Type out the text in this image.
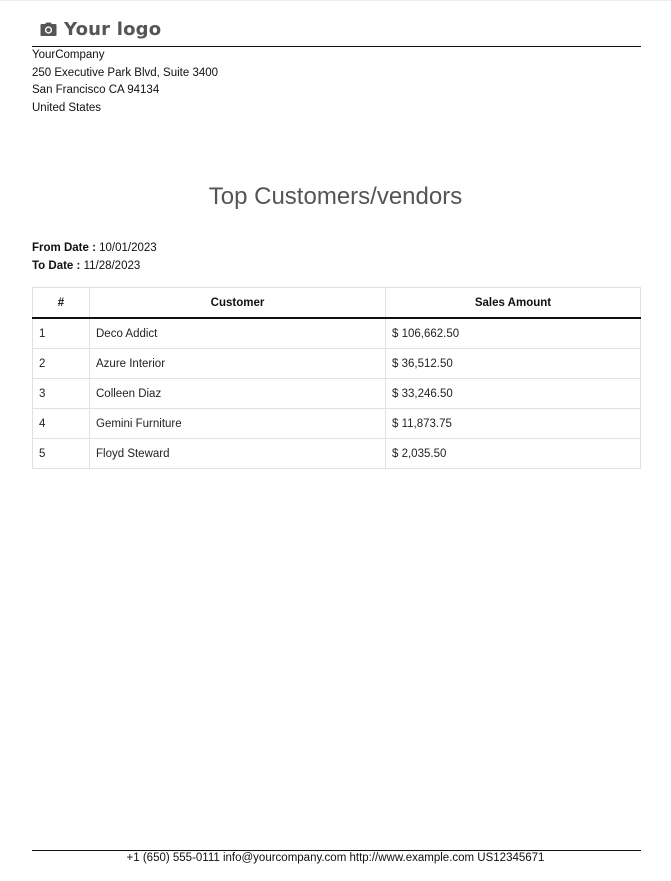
Your logo
YourCompany
250 Executive Park Blvd, Suite 3400
San Francisco CA 94134
United States
Top Customers/vendors
From Date : 10/01/2023
To Date : 11/28/2023
#	Customer	Sales Amount
1	Deco Addict	$ 106,662.50
2	Azure Interior	$ 36,512.50
3	Colleen Diaz	$ 33,246.50
4	Gemini Furniture	$ 11,873.75
5	Floyd Steward	$ 2,035.50
+1 (650) 555-0111 info@yourcompany.com http://www.example.com US12345671
